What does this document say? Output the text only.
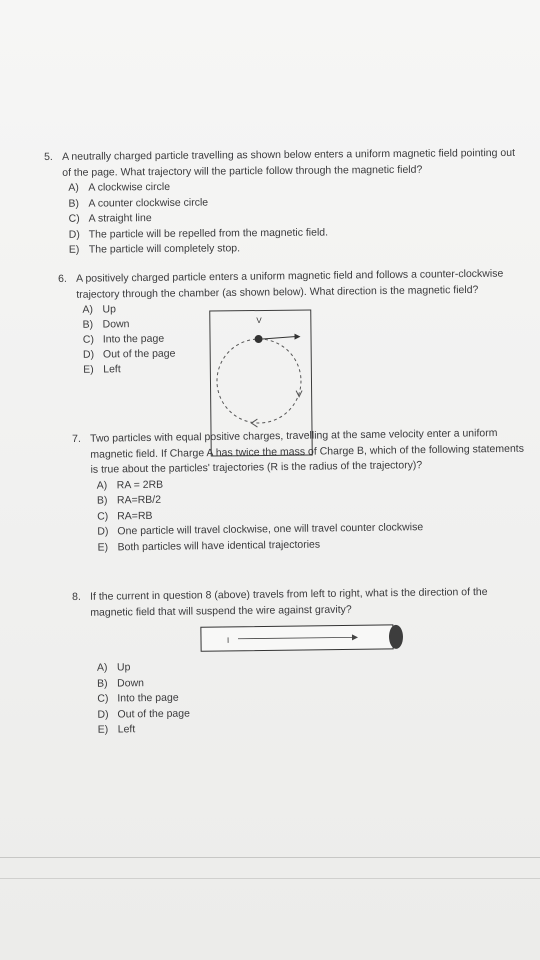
5. A neutrally charged particle travelling as shown below enters a uniform magnetic field pointing out of the page. What trajectory will the particle follow through the magnetic field?
A) A clockwise circle
B) A counter clockwise circle
C) A straight line
D) The particle will be repelled from the magnetic field.
E) The particle will completely stop.
6. A positively charged particle enters a uniform magnetic field and follows a counter-clockwise trajectory through the chamber (as shown below). What direction is the magnetic field?
A) Up
B) Down
C) Into the page
D) Out of the page
E) Left
V
7. Two particles with equal positive charges, travelling at the same velocity enter a uniform magnetic field. If Charge A has twice the mass of Charge B, which of the following statements is true about the particles' trajectories (R is the radius of the trajectory)?
A) RA = 2RB
B) RA=RB/2
C) RA=RB
D) One particle will travel clockwise, one will travel counter clockwise
E) Both particles will have identical trajectories
8. If the current in question 8 (above) travels from left to right, what is the direction of the magnetic field that will suspend the wire against gravity?
A) Up
B) Down
C) Into the page
D) Out of the page
E) Left
I
